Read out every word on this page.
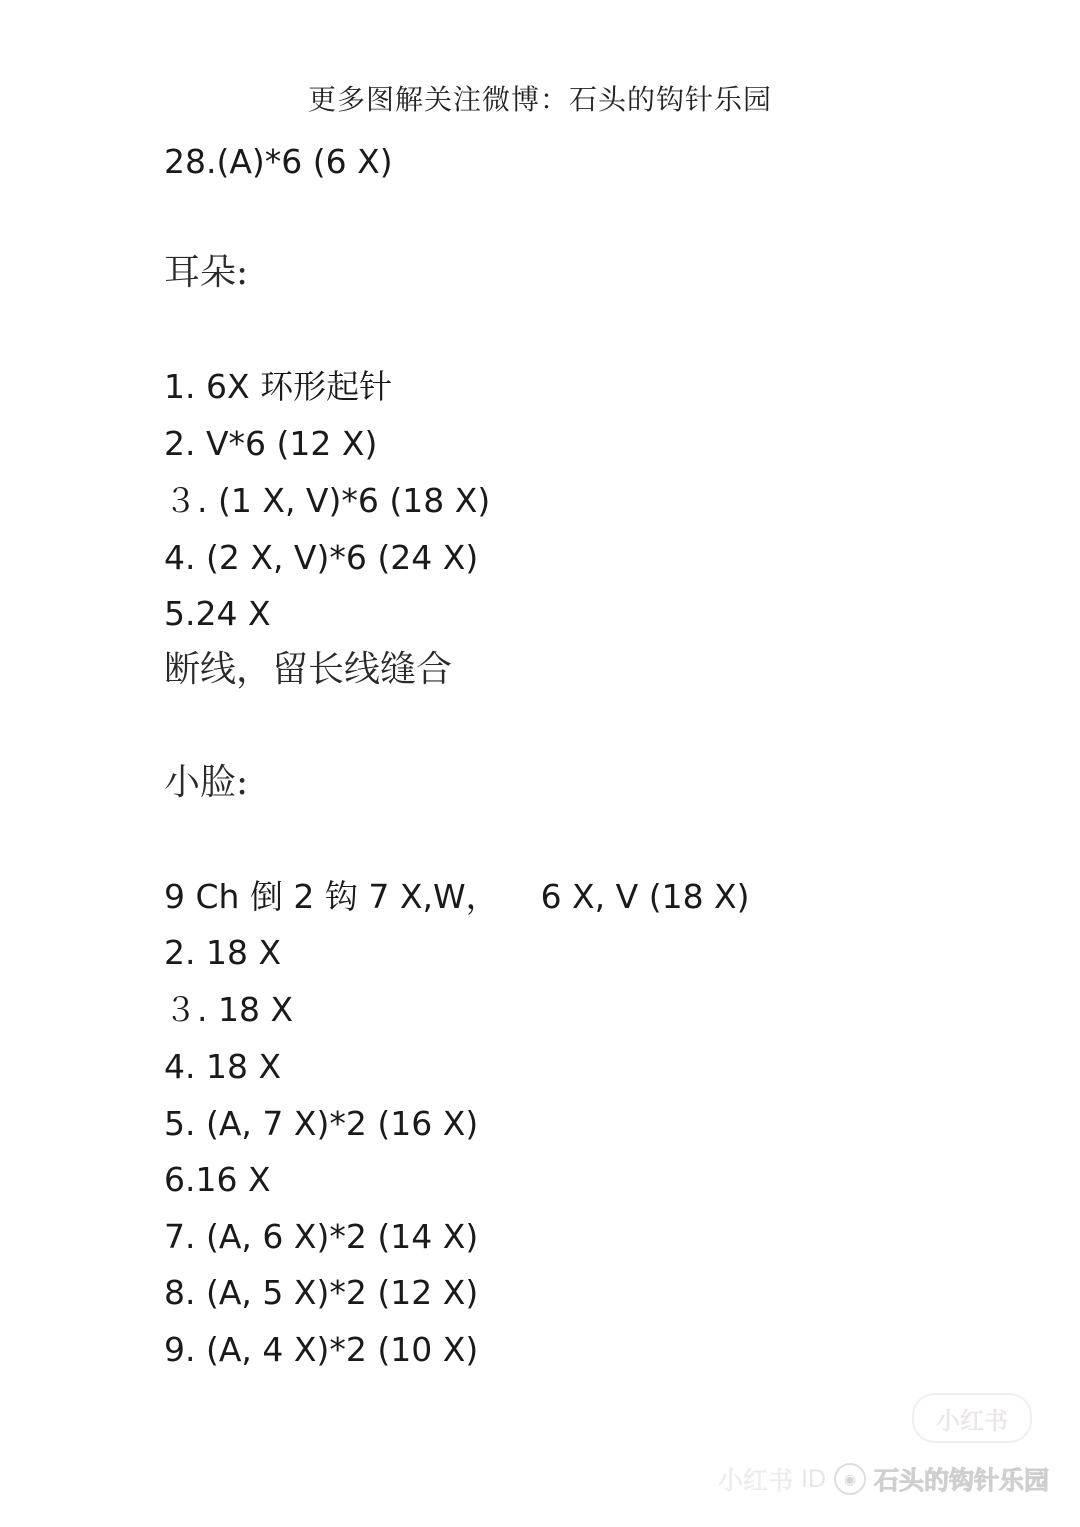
更多图解关注微博：石头的钩针乐园
28.(A)*6 (6 X)
耳朵:
1. 6X 环形起针
2. V*6 (12 X)
３. (1 X, V)*6 (18 X)
4. (2 X, V)*6 (24 X)
5.24 X
断线，留长线缝合
小脸:
9 Ch 倒 2 钩 7 X,W，    6 X, V (18 X)
2. 18 X
３. 18 X
4. 18 X
5. (A, 7 X)*2 (16 X)
6.16 X
7. (A, 6 X)*2 (14 X)
8. (A, 5 X)*2 (12 X)
9. (A, 4 X)*2 (10 X)
小红书
小红书 ID	◉ 石头的钩针乐园
